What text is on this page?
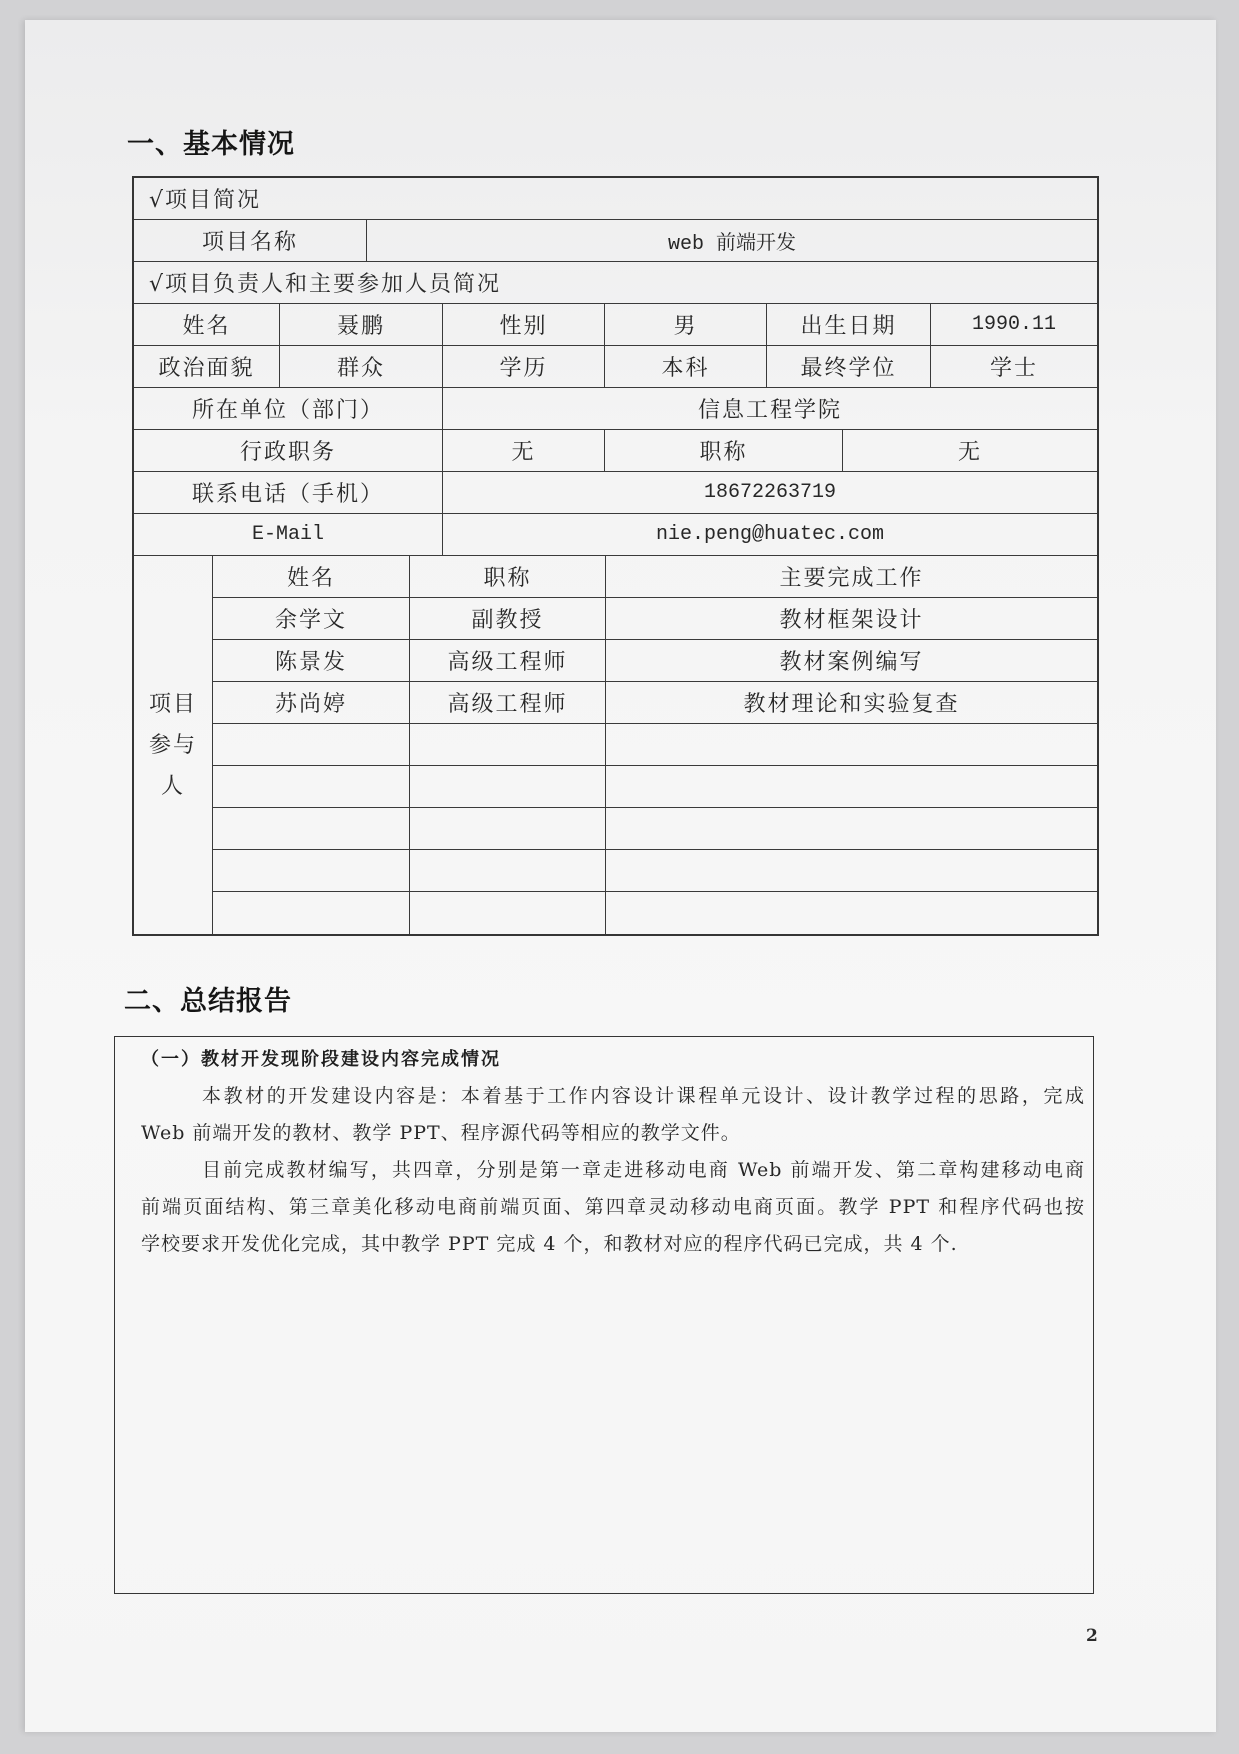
一、基本情况
√项目简况
项目名称	web 前端开发
√项目负责人和主要参加人员简况
姓名	聂鹏	性别	男	出生日期	1990.11
政治面貌	群众	学历	本科	最终学位	学士
所在单位（部门）	信息工程学院
行政职务	无	职称	无
联系电话（手机）	18672263719
E-Mail	nie.peng@huatec.com
项目
参与
人
姓名	职称	主要完成工作
余学文	副教授	教材框架设计
陈景发	高级工程师	教材案例编写
苏尚婷	高级工程师	教材理论和实验复查
二、总结报告
（一）教材开发现阶段建设内容完成情况
本教材的开发建设内容是：本着基于工作内容设计课程单元设计、设计教学过程的思路，完成
Web 前端开发的教材、教学 PPT、程序源代码等相应的教学文件。
目前完成教材编写，共四章，分别是第一章走进移动电商 Web 前端开发、第二章构建移动电商
前端页面结构、第三章美化移动电商前端页面、第四章灵动移动电商页面。教学 PPT 和程序代码也按
学校要求开发优化完成，其中教学 PPT 完成 4 个，和教材对应的程序代码已完成，共 4 个.
2
